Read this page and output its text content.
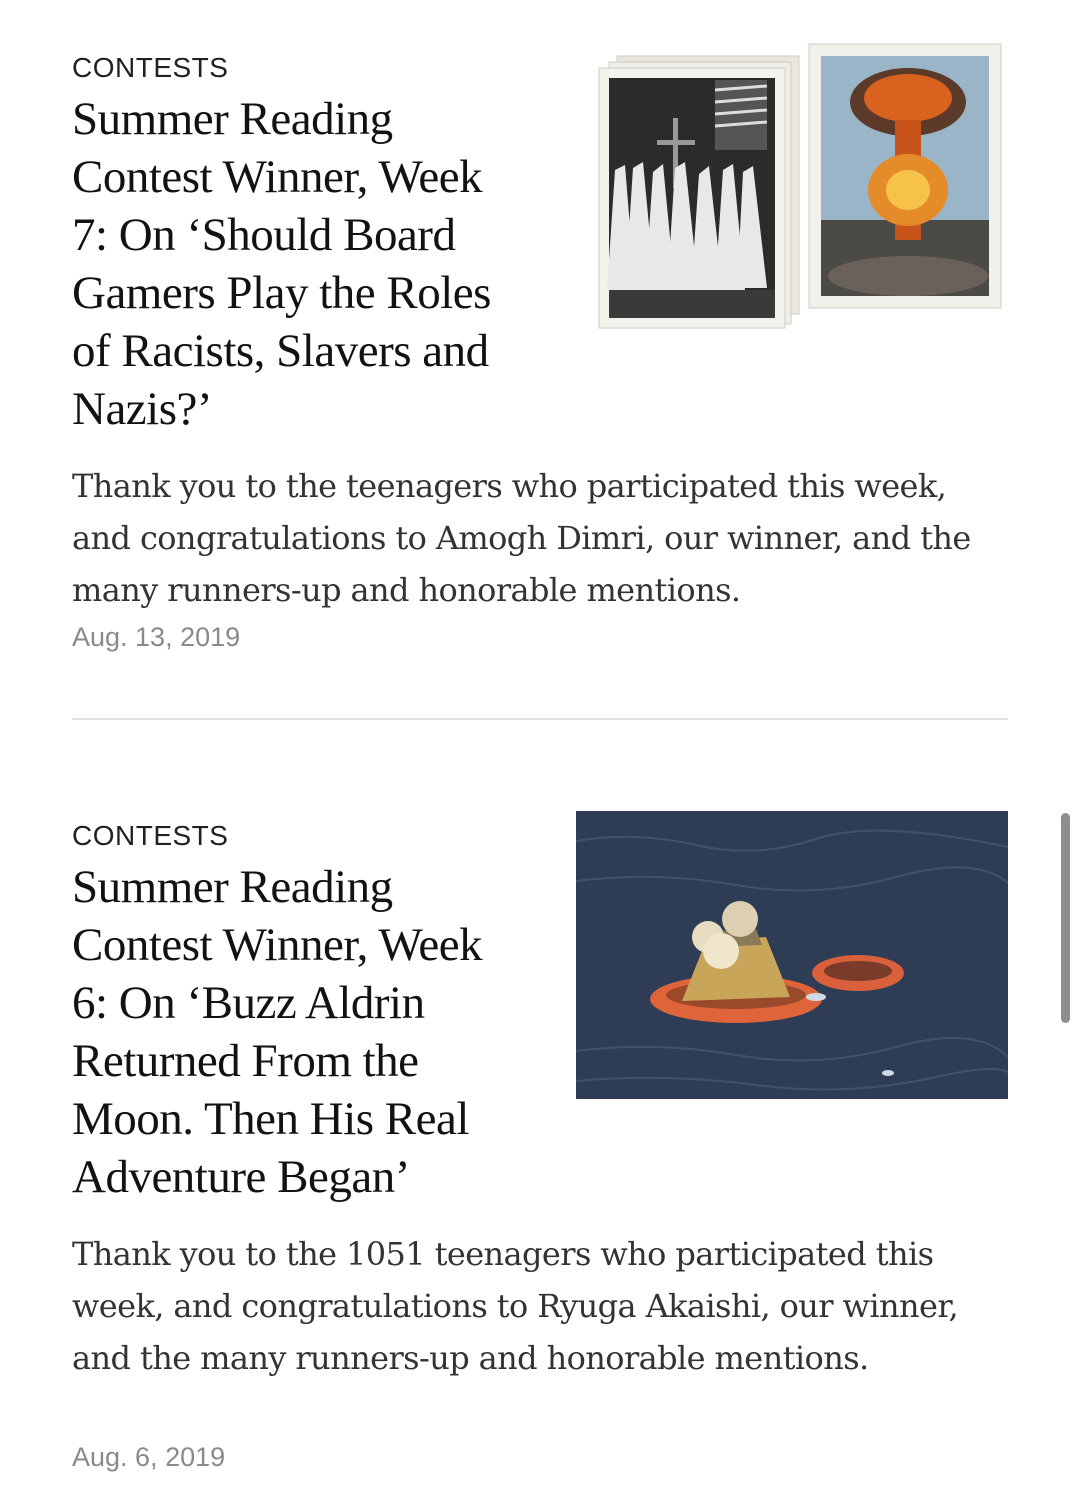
CONTESTS

Summer Reading Contest Winner, Week 7: On ‘Should Board Gamers Play the Roles of Racists, Slavers and Nazis?’

Thank you to the teenagers who participated this week, and congratulations to Amogh Dimri, our winner, and the many runners-up and honorable mentions.

Aug. 13, 2019

CONTESTS

Summer Reading Contest Winner, Week 6: On ‘Buzz Aldrin Returned From the Moon. Then His Real Adventure Began’

Thank you to the 1051 teenagers who participated this week, and congratulations to Ryuga Akaishi, our winner, and the many runners-up and honorable mentions.

Aug. 6, 2019
